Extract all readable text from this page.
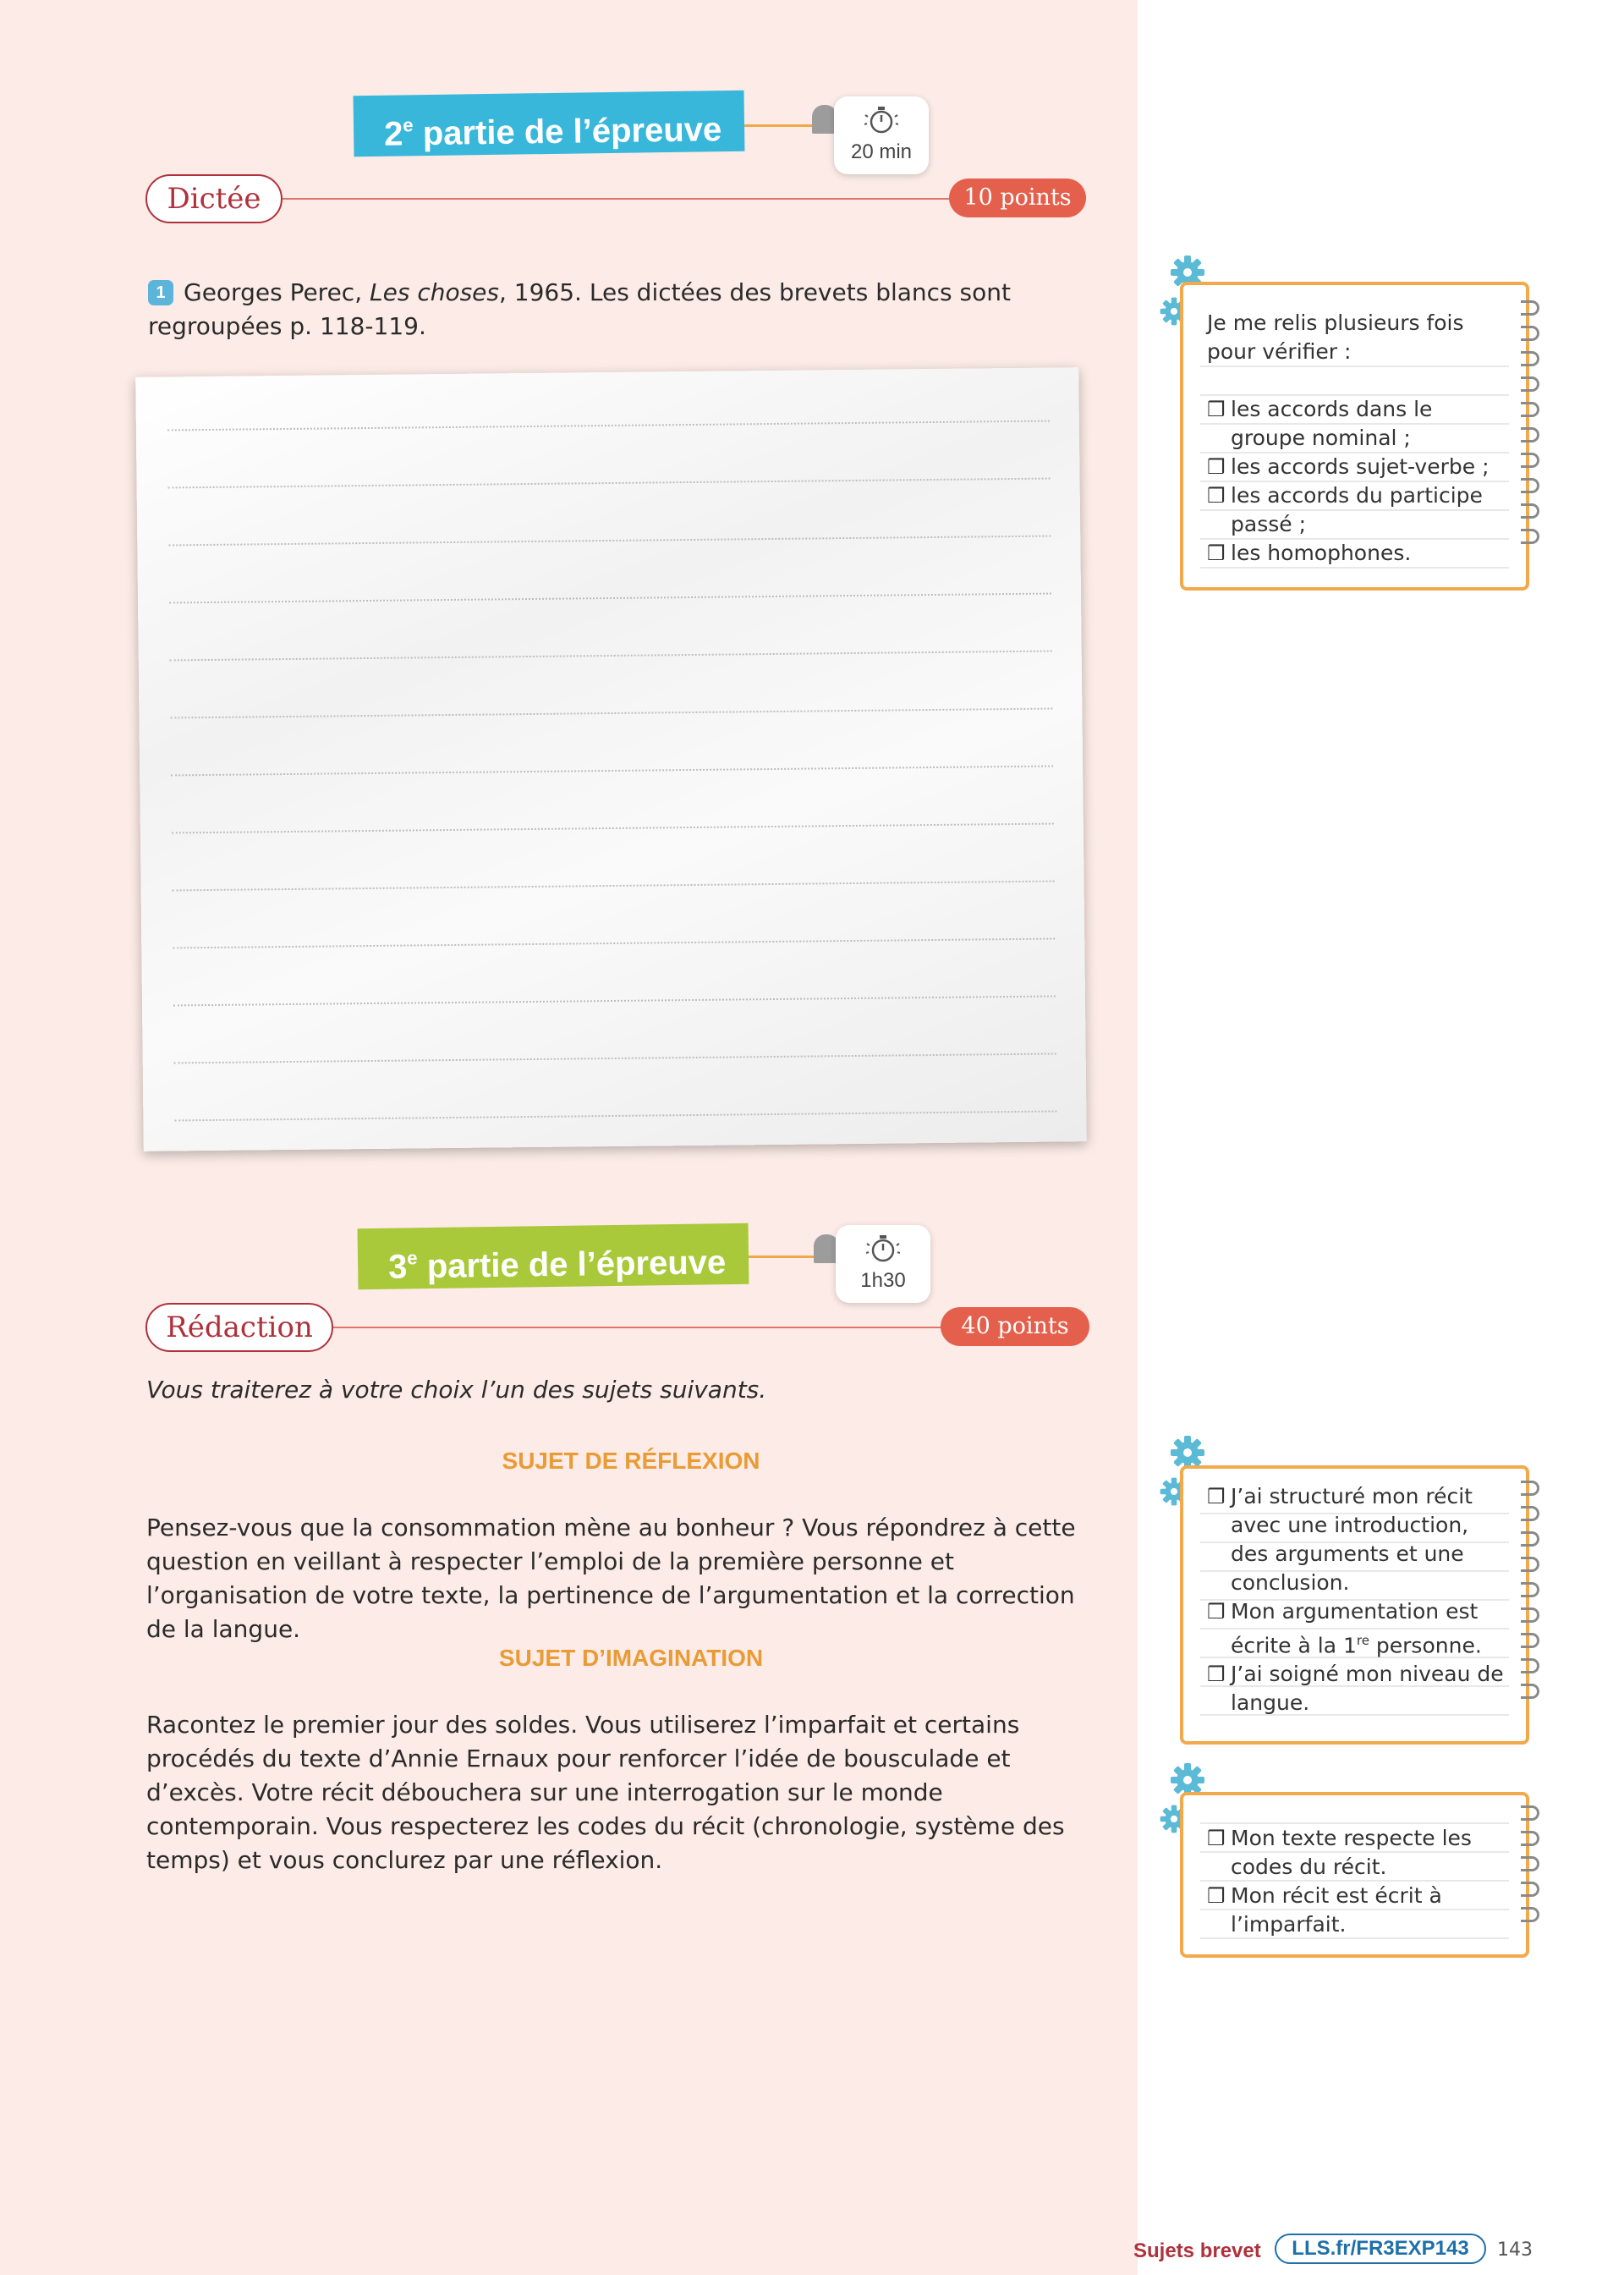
2e partie de l’épreuve	20 min
Dictée	10 points
1 Georges Perec, Les choses, 1965. Les dictées des brevets blancs sont regroupées p. 118-119.	Je me relis plusieurs fois pour vérifier :
❒ les accords dans le groupe nominal ;
❒ les accords sujet-verbe ;
❒ les accords du participe passé ;
❒ les homophones.
3e partie de l’épreuve	1h30
Rédaction	40 points
Vous traiterez à votre choix l’un des sujets suivants.
SUJET DE RÉFLEXION
Pensez-vous que la consommation mène au bonheur ? Vous répondrez à cette question en veillant à respecter l’emploi de la première personne et l’organisation de votre texte, la pertinence de l’argumentation et la correction de la langue.
SUJET D’IMAGINATION
Racontez le premier jour des soldes. Vous utiliserez l’imparfait et certains procédés du texte d’Annie Ernaux pour renforcer l’idée de bousculade et d’excès. Votre récit débouchera sur une interrogation sur le monde contemporain. Vous respecterez les codes du récit (chronologie, système des temps) et vous conclurez par une réflexion.
❒ J’ai structuré mon récit avec une introduction, des arguments et une conclusion.
❒ Mon argumentation est écrite à la 1re personne.
❒ J’ai soigné mon niveau de langue.
❒ Mon texte respecte les codes du récit.
❒ Mon récit est écrit à l’imparfait.
Sujets brevet	LLS.fr/FR3EXP143	143
